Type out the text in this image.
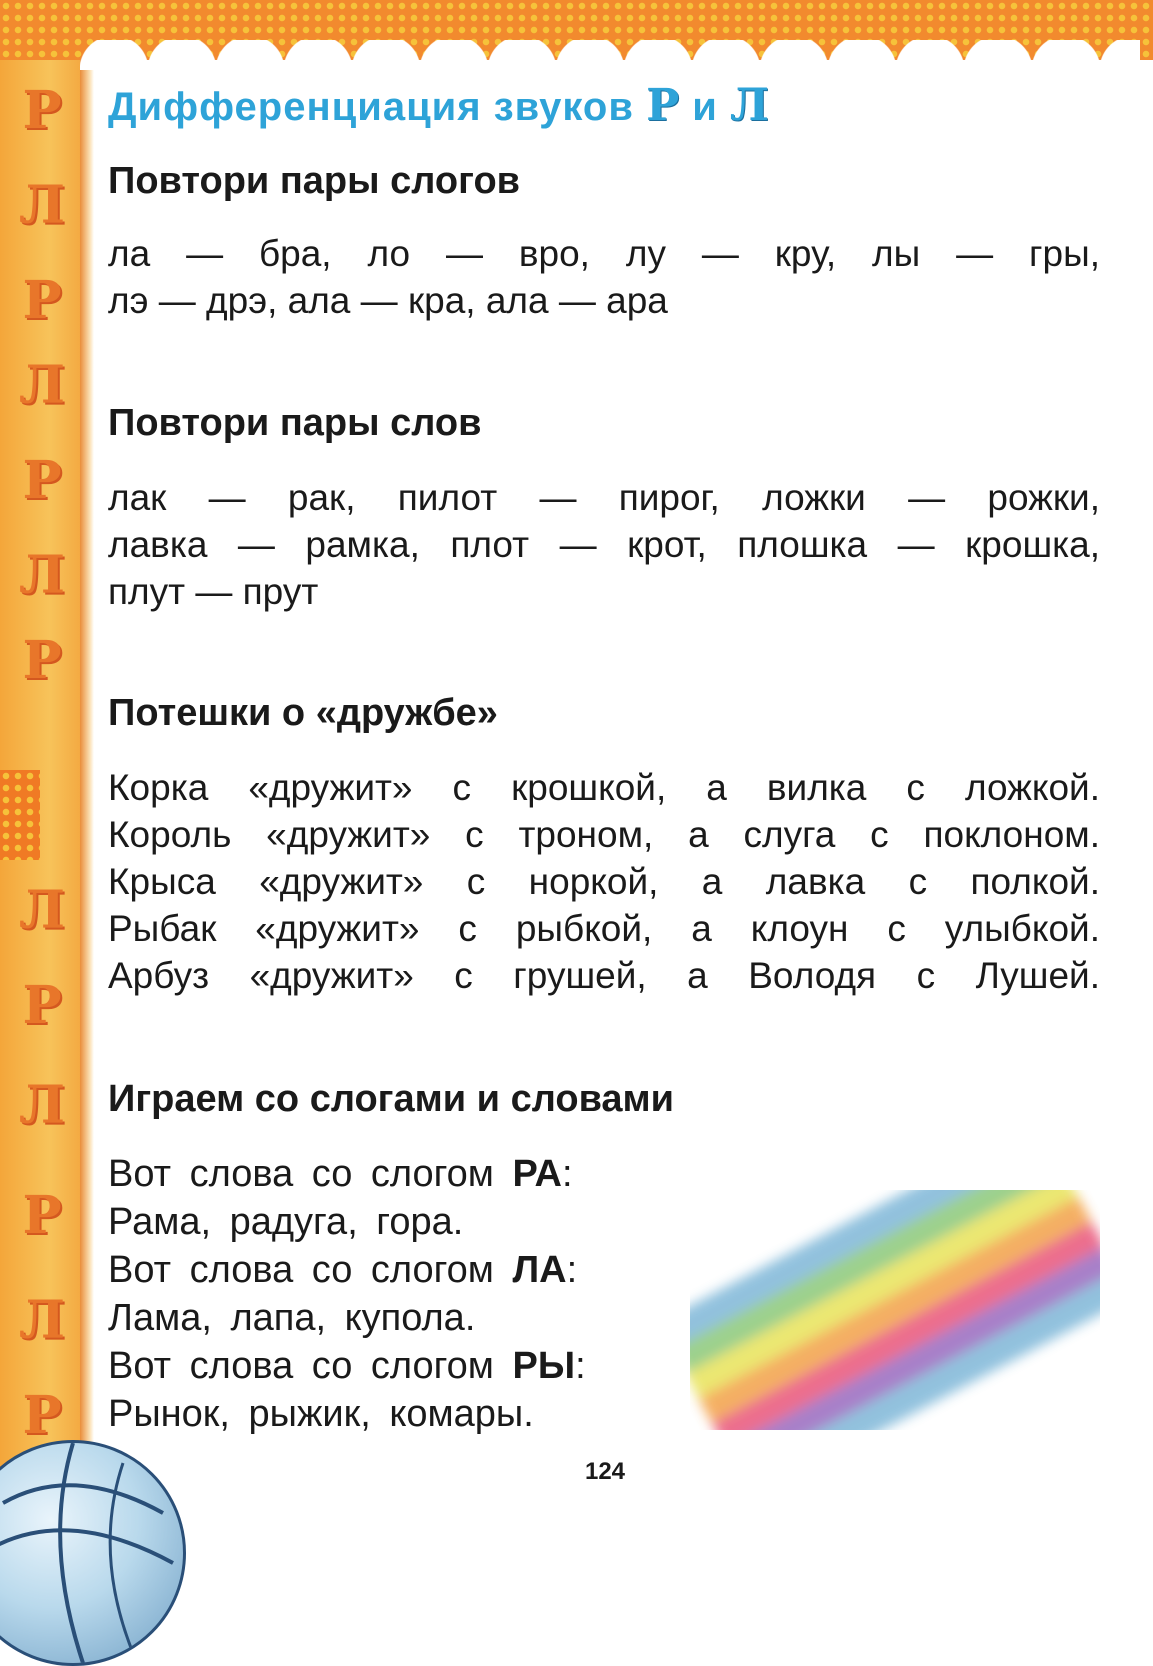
Р
Л
Р
Л
Р
Л
Р
Л
Р
Л
Р
Л
Р
Дифференциация звуков Р и Л
Повтори пары слогов
ла — бра, ло — вро, лу — кру, лы — гры,
лэ — дрэ, ала — кра, ала — ара
Повтори пары слов
лак — рак, пилот — пирог, ложки — рожки,
лавка — рамка, плот — крот, плошка — крошка,
плут — прут
Потешки о «дружбе»
Корка «дружит» с крошкой, а вилка с ложкой.
Король «дружит» с троном, а слуга с поклоном.
Крыса «дружит» с норкой, а лавка с полкой.
Рыбак «дружит» с рыбкой, а клоун с улыбкой.
Арбуз «дружит» с грушей, а Володя с Лушей.
Играем со слогами и словами
Вот слова со слогом РА:
Рама, радуга, гора.
Вот слова со слогом ЛА:
Лама, лапа, купола.
Вот слова со слогом РЫ:
Рынок, рыжик, комары.
124
